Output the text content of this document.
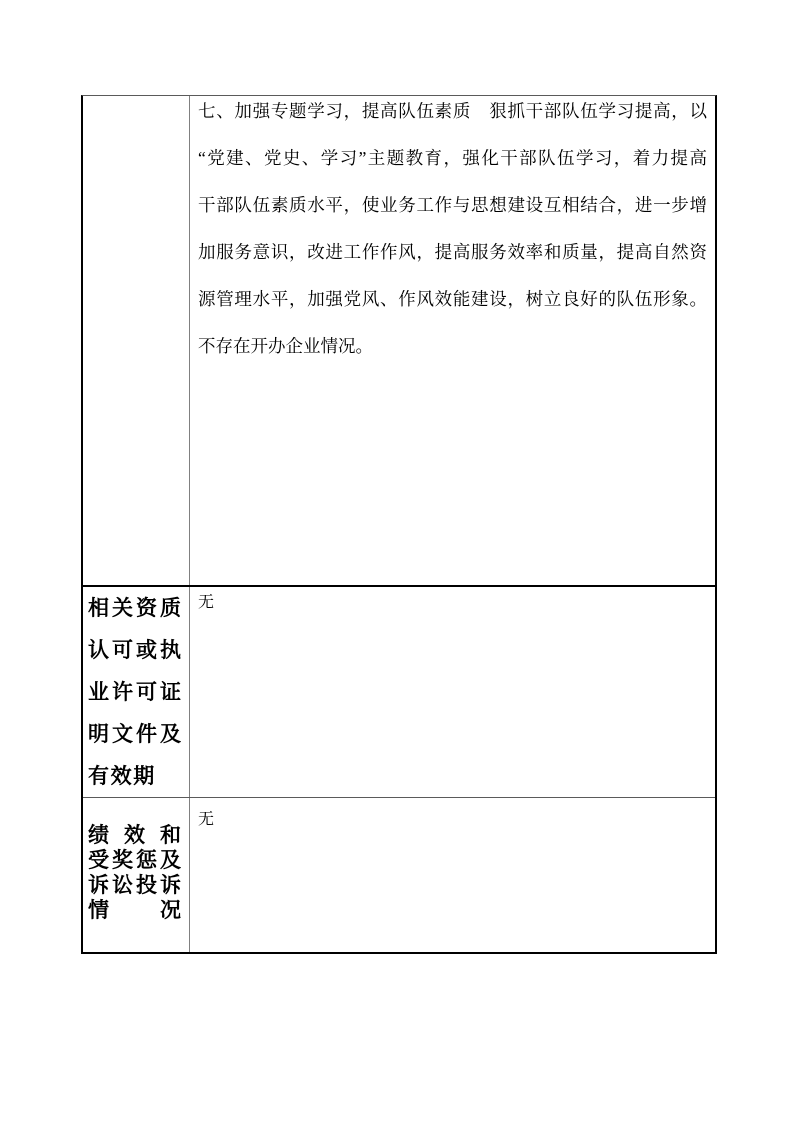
七、加强专题学习，提高队伍素质　狠抓干部队伍学习提高，以
“党建、党史、学习”主题教育，强化干部队伍学习，着力提高
干部队伍素质水平，使业务工作与思想建设互相结合，进一步增
加服务意识，改进工作作风，提高服务效率和质量，提高自然资
源管理水平，加强党风、作风效能建设，树立良好的队伍形象。
不存在开办企业情况。
相关资质
认可或执
业许可证
明文件及
有效期
无
绩效和
受奖惩及
诉讼投诉
情况
无
